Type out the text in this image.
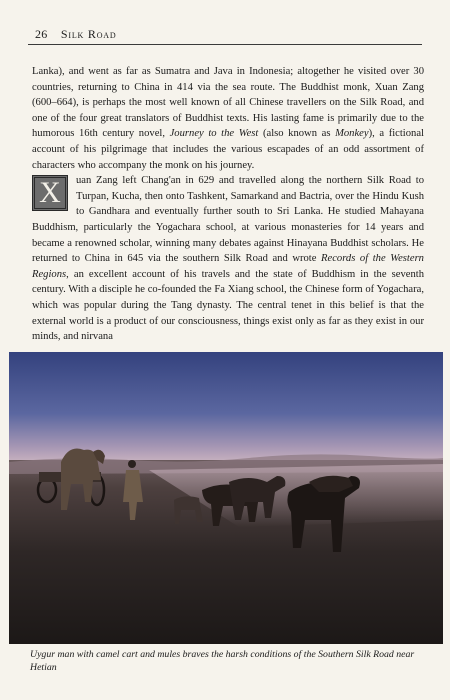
26 Silk Road

Lanka), and went as far as Sumatra and Java in Indonesia; altogether he visited over 30 countries, returning to China in 414 via the sea route. The Buddhist monk, Xuan Zang (600–664), is perhaps the most well known of all Chinese travellers on the Silk Road, and one of the four great translators of Buddhist texts. His lasting fame is primarily due to the humorous 16th century novel, Journey to the West (also known as Monkey), a fictional account of his pilgrimage that includes the various escapades of an odd assortment of characters who accompany the monk on his journey.

X	uan Zang left Chang'an in 629 and travelled along the northern Silk Road to Turpan, Kucha, then onto Tashkent, Samarkand and Bactria, over the Hindu Kush to Gandhara and eventually further south to Sri Lanka. He studied Mahayana Buddhism, particularly the Yogachara school, at various monasteries for 14 years and became a renowned scholar, winning many debates against Hinayana Buddhist scholars. He returned to China in 645 via the southern Silk Road and wrote Records of the Western Regions, an excellent account of his travels and the state of Buddhism in the seventh century. With a disciple he co-founded the Fa Xiang school, the Chinese form of Yogachara, which was popular during the Tang dynasty. The central tenet in this belief is that the external world is a product of our consciousness, things exist only as far as they exist in our minds, and nirvana

Uygur man with camel cart and mules braves the harsh conditions of the Southern Silk Road near Hetian
